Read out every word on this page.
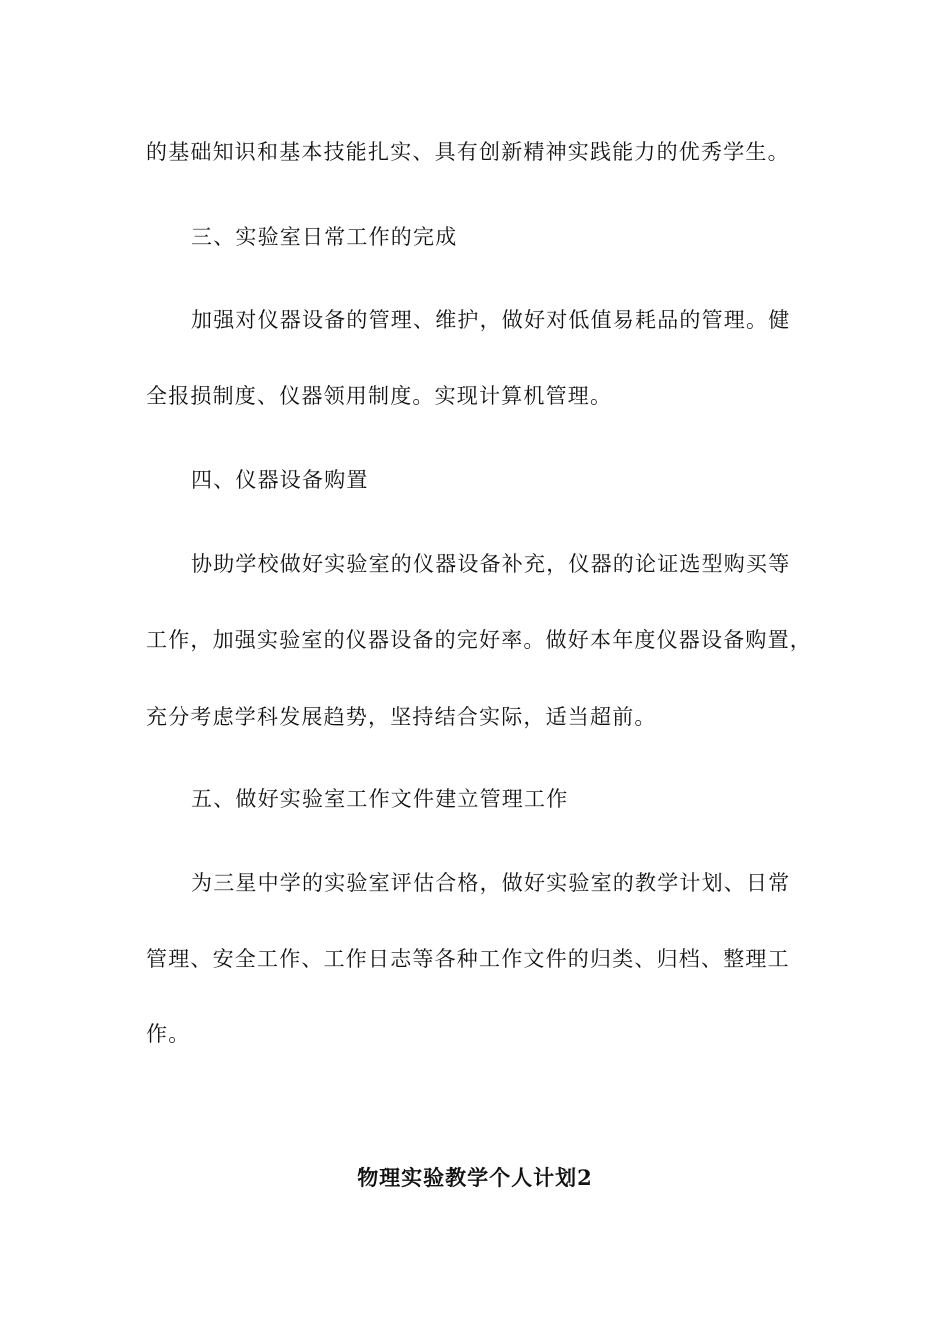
的基础知识和基本技能扎实、具有创新精神实践能力的优秀学生。
三、实验室日常工作的完成
加强对仪器设备的管理、维护，做好对低值易耗品的管理。健
全报损制度、仪器领用制度。实现计算机管理。
四、仪器设备购置
协助学校做好实验室的仪器设备补充，仪器的论证选型购买等
工作，加强实验室的仪器设备的完好率。做好本年度仪器设备购置，
充分考虑学科发展趋势，坚持结合实际，适当超前。
五、做好实验室工作文件建立管理工作
为三星中学的实验室评估合格，做好实验室的教学计划、日常
管理、安全工作、工作日志等各种工作文件的归类、归档、整理工
作。
物理实验教学个人计划2
